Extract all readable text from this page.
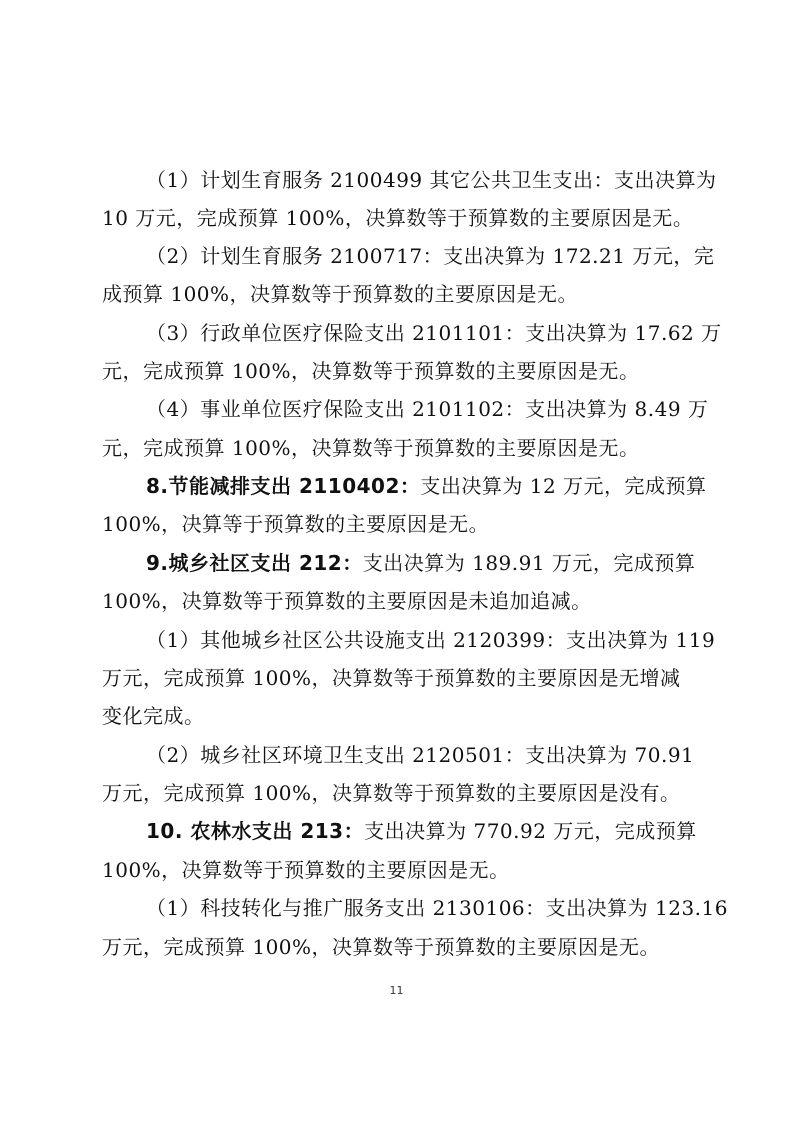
（1）计划生育服务 2100499 其它公共卫生支出：支出决算为
10 万元，完成预算 100%，决算数等于预算数的主要原因是无。
（2）计划生育服务 2100717：支出决算为 172.21 万元，完
成预算 100%，决算数等于预算数的主要原因是无。
（3）行政单位医疗保险支出 2101101：支出决算为 17.62 万
元，完成预算 100%，决算数等于预算数的主要原因是无。
（4）事业单位医疗保险支出 2101102：支出决算为 8.49 万
元，完成预算 100%，决算数等于预算数的主要原因是无。
8.节能减排支出 2110402：支出决算为 12 万元，完成预算
100%，决算等于预算数的主要原因是无。
9.城乡社区支出 212：支出决算为 189.91 万元，完成预算
100%，决算数等于预算数的主要原因是未追加追减。
（1）其他城乡社区公共设施支出 2120399：支出决算为 119
万元，完成预算 100%，决算数等于预算数的主要原因是无增减
变化完成。
（2）城乡社区环境卫生支出 2120501：支出决算为 70.91
万元，完成预算 100%，决算数等于预算数的主要原因是没有。
10. 农林水支出 213：支出决算为 770.92 万元，完成预算
100%，决算数等于预算数的主要原因是无。
（1）科技转化与推广服务支出 2130106：支出决算为 123.16
万元，完成预算 100%，决算数等于预算数的主要原因是无。
11
